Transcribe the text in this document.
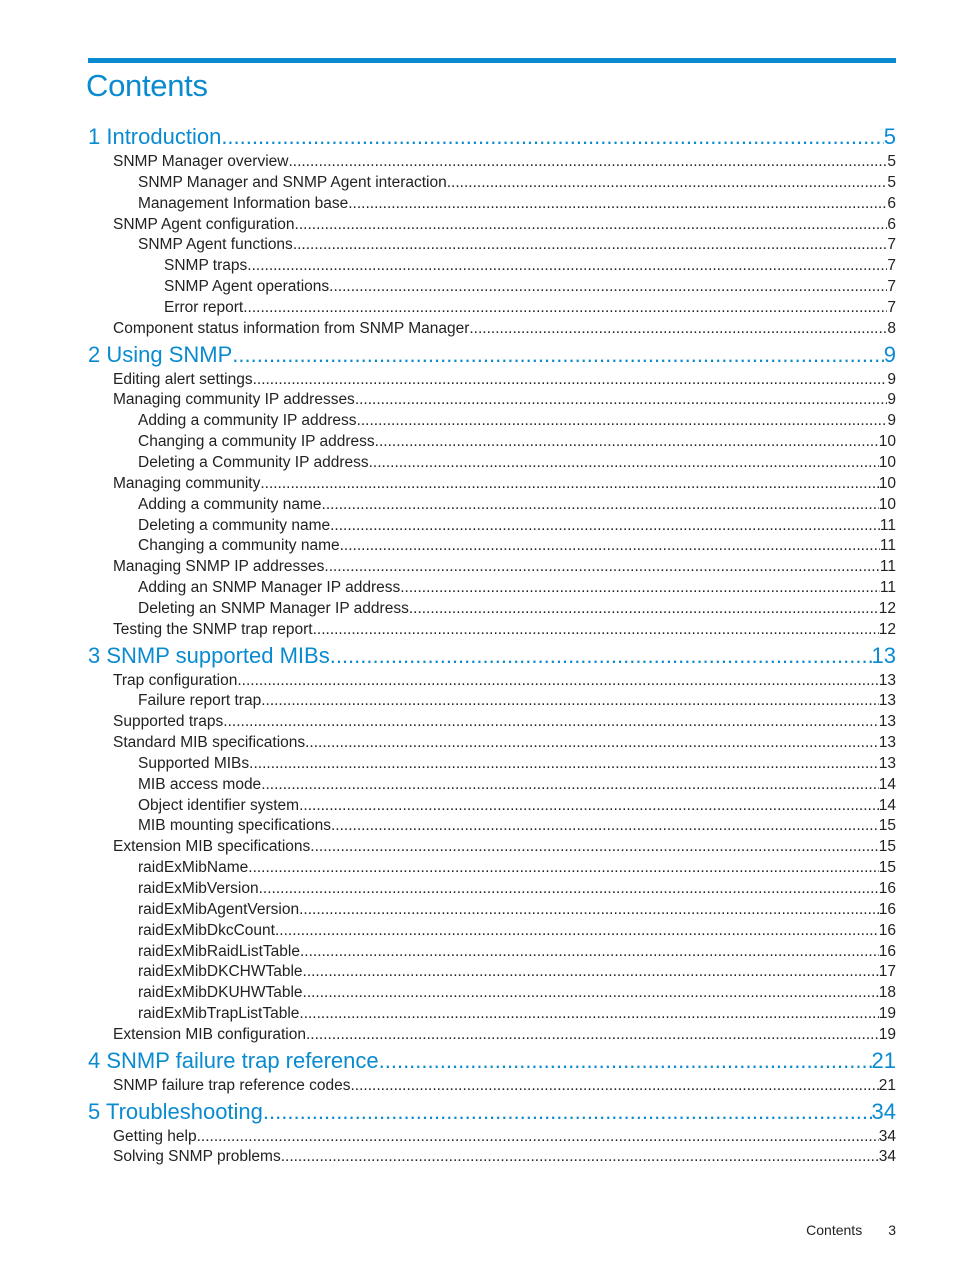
Contents
1 Introduction .....	5
SNMP Manager overview .....	5
SNMP Manager and SNMP Agent interaction .....	5
Management Information base .....	6
SNMP Agent configuration .....	6
SNMP Agent functions .....	7
SNMP traps .....	7
SNMP Agent operations .....	7
Error report .....	7
Component status information from SNMP Manager .....	8
2 Using SNMP .....	9
Editing alert settings .....	9
Managing community IP addresses .....	9
Adding a community IP address .....	9
Changing a community IP address .....	10
Deleting a Community IP address .....	10
Managing community .....	10
Adding a community name .....	10
Deleting a community name .....	11
Changing a community name .....	11
Managing SNMP IP addresses .....	11
Adding an SNMP Manager IP address .....	11
Deleting an SNMP Manager IP address .....	12
Testing the SNMP trap report .....	12
3 SNMP supported MIBs .....	13
Trap configuration .....	13
Failure report trap .....	13
Supported traps .....	13
Standard MIB specifications .....	13
Supported MIBs .....	13
MIB access mode .....	14
Object identifier system .....	14
MIB mounting specifications .....	15
Extension MIB specifications .....	15
raidExMibName .....	15
raidExMibVersion .....	16
raidExMibAgentVersion .....	16
raidExMibDkcCount .....	16
raidExMibRaidListTable .....	16
raidExMibDKCHWTable .....	17
raidExMibDKUHWTable .....	18
raidExMibTrapListTable .....	19
Extension MIB configuration .....	19
4 SNMP failure trap reference .....	21
SNMP failure trap reference codes .....	21
5 Troubleshooting .....	34
Getting help .....	34
Solving SNMP problems .....	34
Contents 3
